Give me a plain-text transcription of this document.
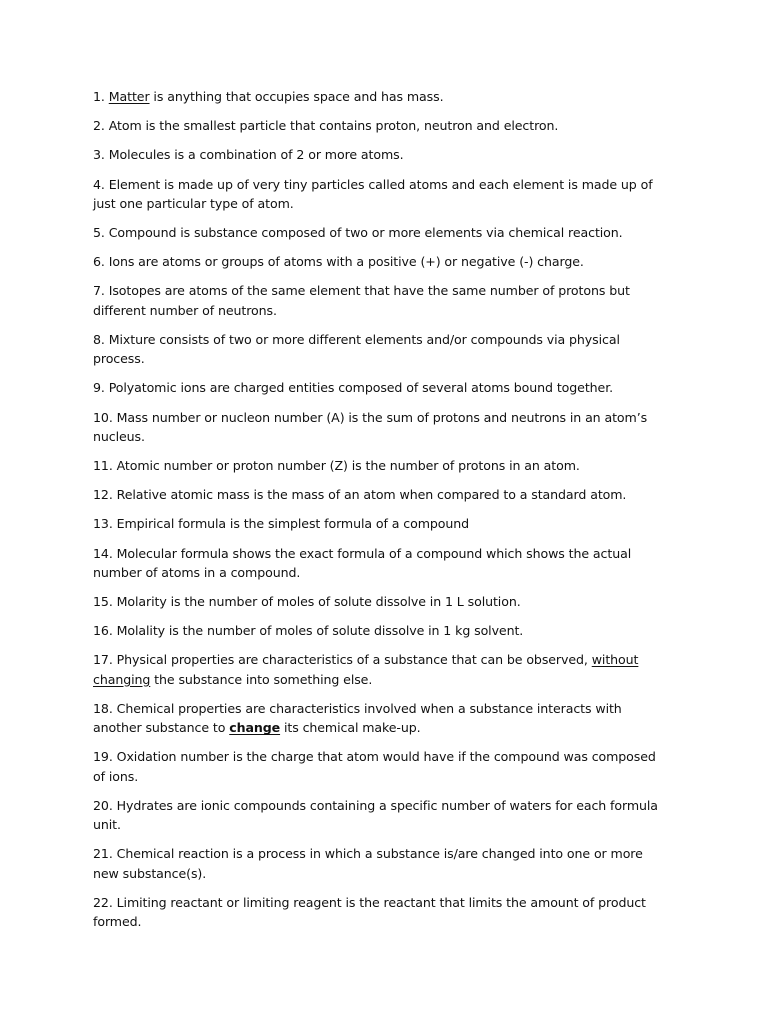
1. Matter is anything that occupies space and has mass.

2. Atom is the smallest particle that contains proton, neutron and electron.

3. Molecules is a combination of 2 or more atoms.

4. Element is made up of very tiny particles called atoms and each element is made up of just one particular type of atom.

5. Compound is substance composed of two or more elements via chemical reaction.

6. Ions are atoms or groups of atoms with a positive (+) or negative (-) charge.

7. Isotopes are atoms of the same element that have the same number of protons but different number of neutrons.

8. Mixture consists of two or more different elements and/or compounds via physical process.

9. Polyatomic ions are charged entities composed of several atoms bound together.

10. Mass number or nucleon number (A) is the sum of protons and neutrons in an atom’s nucleus.

11. Atomic number or proton number (Z) is the number of protons in an atom.

12. Relative atomic mass is the mass of an atom when compared to a standard atom.

13. Empirical formula is the simplest formula of a compound

14. Molecular formula shows the exact formula of a compound which shows the actual number of atoms in a compound.

15. Molarity is the number of moles of solute dissolve in 1 L solution.

16. Molality is the number of moles of solute dissolve in 1 kg solvent.

17. Physical properties are characteristics of a substance that can be observed, without changing the substance into something else.

18. Chemical properties are characteristics involved when a substance interacts with another substance to change its chemical make-up.

19. Oxidation number is the charge that atom would have if the compound was composed of ions.

20. Hydrates are ionic compounds containing a specific number of waters for each formula unit.

21. Chemical reaction is a process in which a substance is/are changed into one or more new substance(s).

22. Limiting reactant or limiting reagent is the reactant that limits the amount of product formed.
